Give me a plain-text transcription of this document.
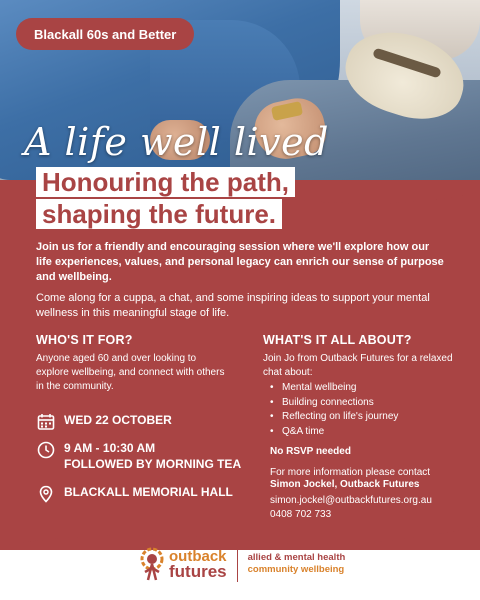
Blackall 60s and Better
A life well lived
Honouring the path,
shaping the future.

Join us for a friendly and encouraging session where we'll explore how our life experiences, values, and personal legacy can enrich our sense of purpose and wellbeing.

Come along for a cuppa, a chat, and some inspiring ideas to support your mental wellness in this meaningful stage of life.

WHO'S IT FOR?

Anyone aged 60 and over looking to explore wellbeing, and connect with others in the community.

WED 22 OCTOBER
9 AM - 10:30 AM
FOLLOWED BY MORNING TEA
BLACKALL MEMORIAL HALL
WHAT'S IT ALL ABOUT?

Join Jo from Outback Futures for a relaxed chat about:

• Mental wellbeing
• Building connections
• Reflecting on life's journey
• Q&A time
No RSVP needed
For more information please contact
Simon Jockel, Outback Futures
simon.jockel@outbackfutures.org.au
0408 702 733
outback
futures
allied & mental health
community wellbeing
